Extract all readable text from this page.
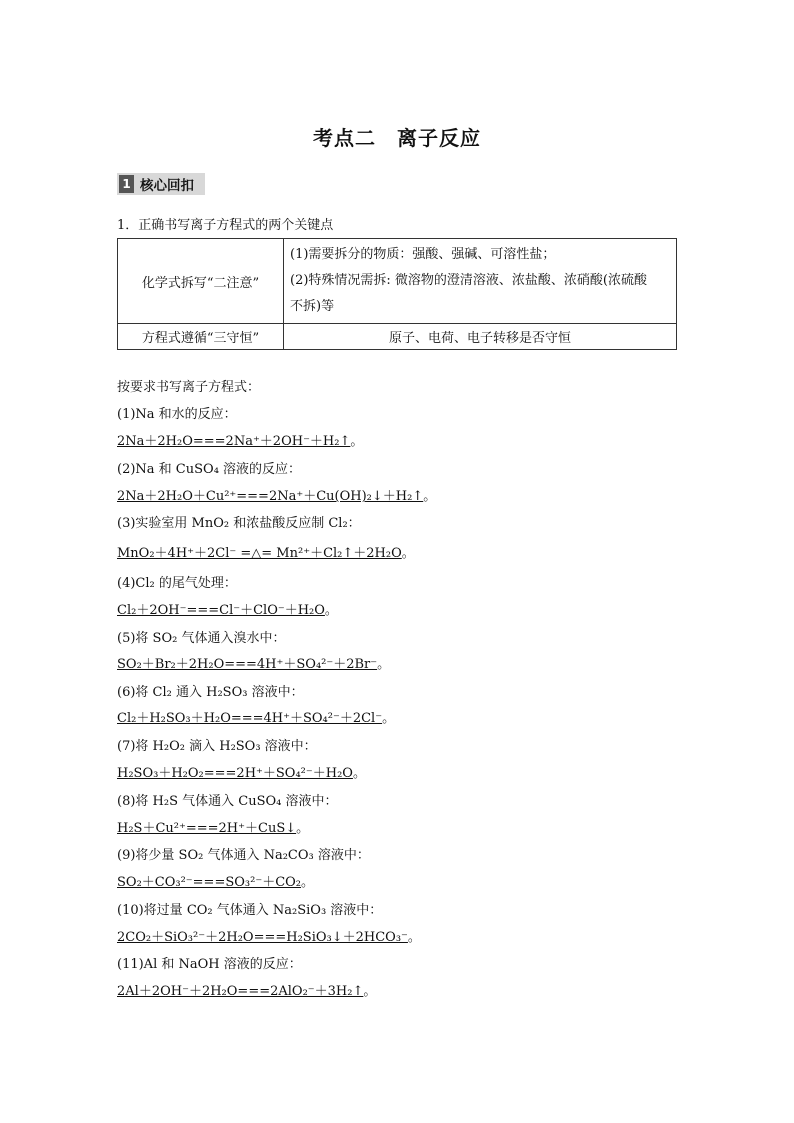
考点二　离子反应
1 核心回扣
1．正确书写离子方程式的两个关键点
化学式拆写“二注意”	(1)需要拆分的物质：强酸、强碱、可溶性盐；
(2)特殊情况需拆: 微溶物的澄清溶液、浓盐酸、浓硝酸(浓硫酸
不拆)等

方程式遵循“三守恒”	原子、电荷、电子转移是否守恒
按要求书写离子方程式：
(1)Na 和水的反应：
2Na＋2H₂O===2Na⁺＋2OH⁻＋H₂↑。
(2)Na 和 CuSO₄ 溶液的反应：
2Na＋2H₂O＋Cu²⁺===2Na⁺＋Cu(OH)₂↓＋H₂↑。
(3)实验室用 MnO₂ 和浓盐酸反应制 Cl₂：
MnO₂＋4H⁺＋2Cl⁻ =△= Mn²⁺＋Cl₂↑＋2H₂O。
(4)Cl₂ 的尾气处理：
Cl₂＋2OH⁻===Cl⁻＋ClO⁻＋H₂O。
(5)将 SO₂ 气体通入溴水中：
SO₂＋Br₂＋2H₂O===4H⁺＋SO₄²⁻＋2Br⁻。
(6)将 Cl₂ 通入 H₂SO₃ 溶液中：
Cl₂＋H₂SO₃＋H₂O===4H⁺＋SO₄²⁻＋2Cl⁻。
(7)将 H₂O₂ 滴入 H₂SO₃ 溶液中：
H₂SO₃＋H₂O₂===2H⁺＋SO₄²⁻＋H₂O。
(8)将 H₂S 气体通入 CuSO₄ 溶液中：
H₂S＋Cu²⁺===2H⁺＋CuS↓。
(9)将少量 SO₂ 气体通入 Na₂CO₃ 溶液中：
SO₂＋CO₃²⁻===SO₃²⁻＋CO₂。
(10)将过量 CO₂ 气体通入 Na₂SiO₃ 溶液中：
2CO₂＋SiO₃²⁻＋2H₂O===H₂SiO₃↓＋2HCO₃⁻。
(11)Al 和 NaOH 溶液的反应：
2Al＋2OH⁻＋2H₂O===2AlO₂⁻＋3H₂↑。
